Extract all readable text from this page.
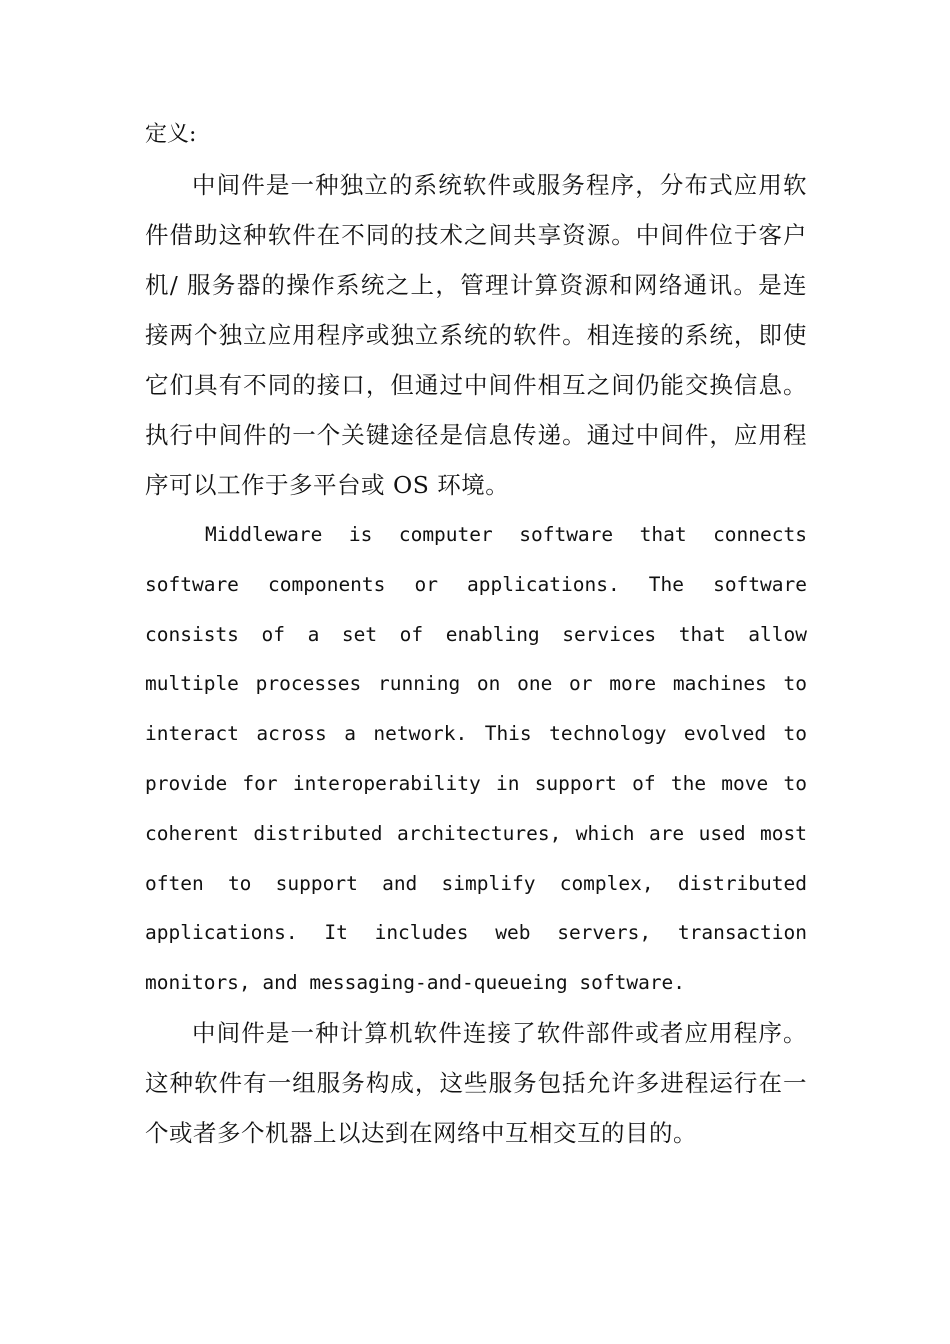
定义:

中间件是一种独立的系统软件或服务程序，分布式应用软件借助这种软件在不同的技术之间共享资源。中间件位于客户机/ 服务器的操作系统之上，管理计算资源和网络通讯。是连接两个独立应用程序或独立系统的软件。相连接的系统，即使它们具有不同的接口，但通过中间件相互之间仍能交换信息。执行中间件的一个关键途径是信息传递。通过中间件，应用程序可以工作于多平台或 OS 环境。

Middleware is computer software that connects software components or applications. The software consists of a set of enabling services that allow multiple processes running on one or more machines to interact across a network. This technology evolved to provide for interoperability in support of the move to coherent distributed architectures, which are used most often to support and simplify complex, distributed applications. It includes web servers, transaction monitors, and messaging-and-queueing software.

中间件是一种计算机软件连接了软件部件或者应用程序。 这种软件有一组服务构成，这些服务包括允许多进程运行在一个或者多个机器上以达到在网络中互相交互的目的。
